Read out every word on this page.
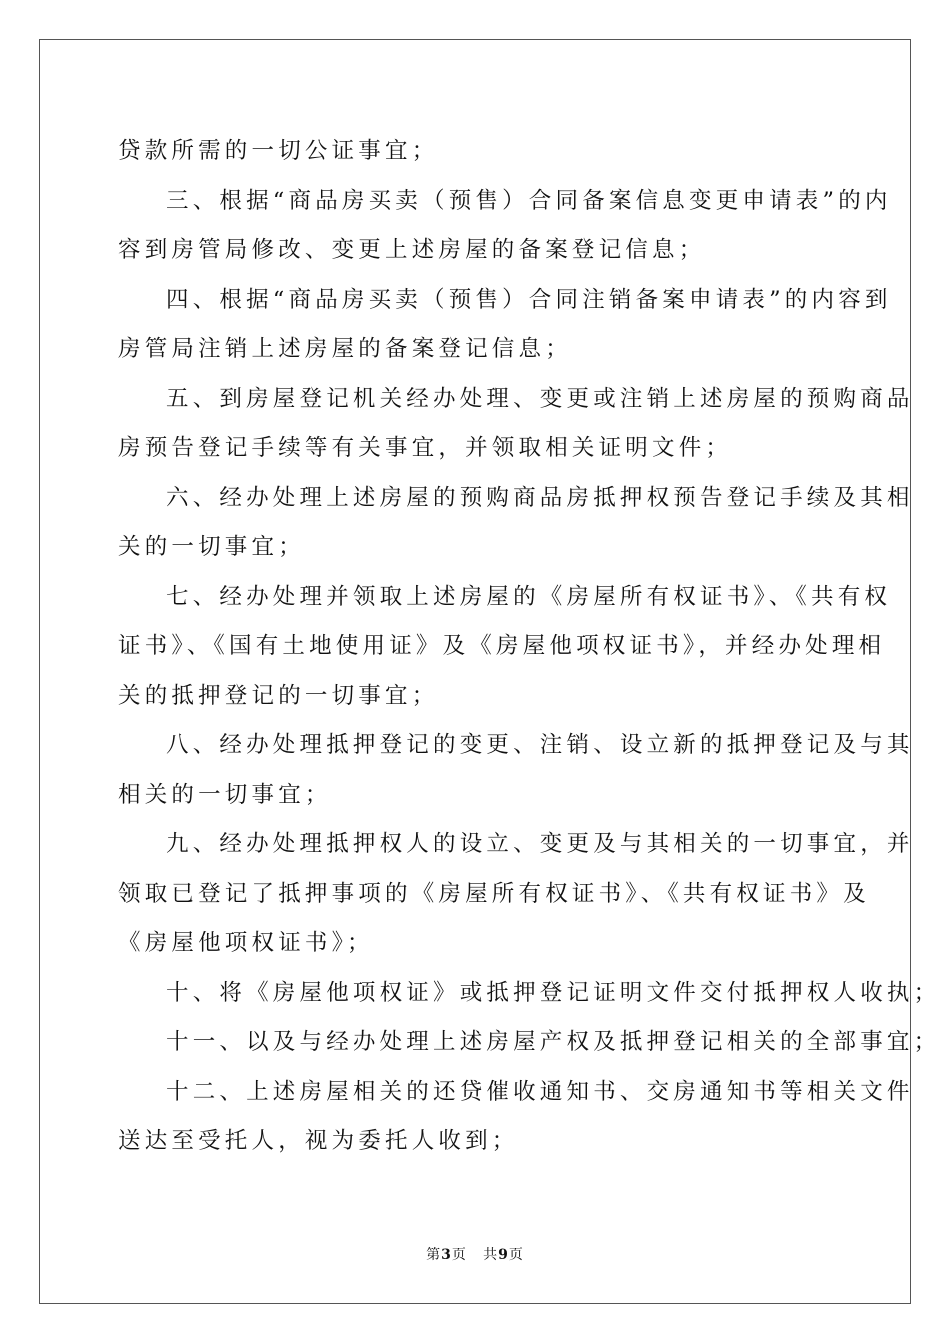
贷款所需的一切公证事宜；
三、根据“商品房买卖（预售）合同备案信息变更申请表”的内
容到房管局修改、变更上述房屋的备案登记信息；
四、根据“商品房买卖（预售）合同注销备案申请表”的内容到
房管局注销上述房屋的备案登记信息；
五、到房屋登记机关经办处理、变更或注销上述房屋的预购商品
房预告登记手续等有关事宜，并领取相关证明文件；
六、经办处理上述房屋的预购商品房抵押权预告登记手续及其相
关的一切事宜；
七、经办处理并领取上述房屋的《房屋所有权证书》、《共有权
证书》、《国有土地使用证》及《房屋他项权证书》，并经办处理相
关的抵押登记的一切事宜；
八、经办处理抵押登记的变更、注销、设立新的抵押登记及与其
相关的一切事宜；
九、经办处理抵押权人的设立、变更及与其相关的一切事宜，并
领取已登记了抵押事项的《房屋所有权证书》、《共有权证书》及
《房屋他项权证书》；
十、将《房屋他项权证》或抵押登记证明文件交付抵押权人收执；
十一、以及与经办处理上述房屋产权及抵押登记相关的全部事宜；
十二、上述房屋相关的还贷催收通知书、交房通知书等相关文件
送达至受托人，视为委托人收到；
第3页 共9页
